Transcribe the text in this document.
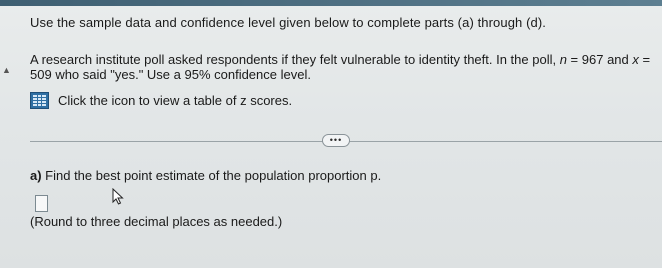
▲
Use the sample data and confidence level given below to complete parts (a) through (d).
A research institute poll asked respondents if they felt vulnerable to identity theft. In the poll, n = 967 and x = 509 who said "yes." Use a 95% confidence level.
Click the icon to view a table of z scores.
•••
a) Find the best point estimate of the population proportion p.
(Round to three decimal places as needed.)
